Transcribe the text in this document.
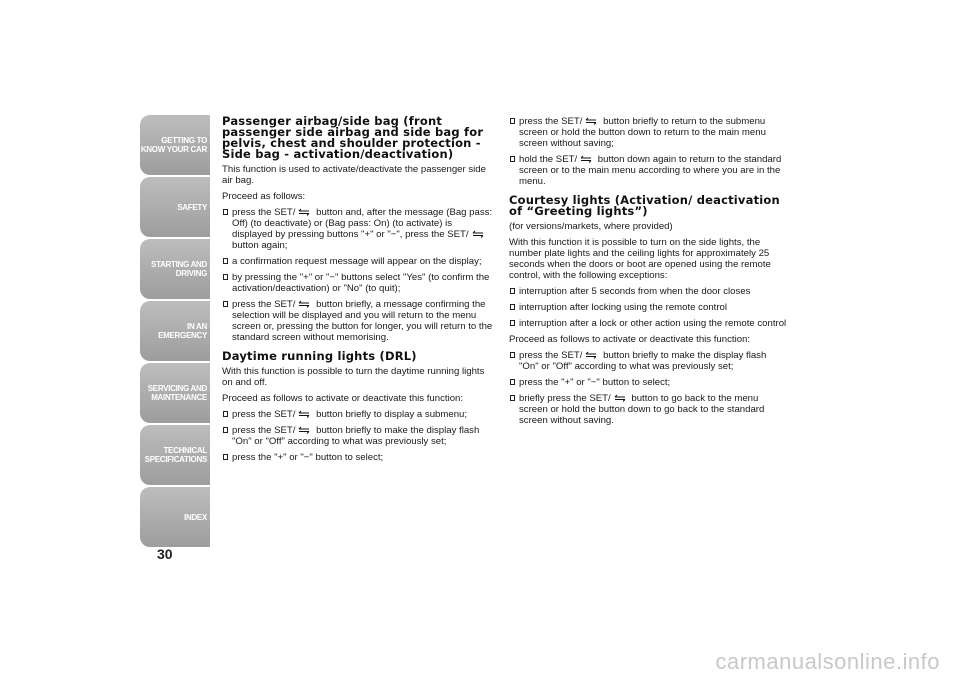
GETTING TO
KNOW YOUR CAR
SAFETY
STARTING AND
DRIVING
IN AN EMERGENCY
SERVICING AND
MAINTENANCE
TECHNICAL
SPECIFICATIONS
INDEX
30
Passenger airbag/side bag (front passenger side airbag and side bag for pelvis, chest and shoulder protection - Side bag - activation/deactivation)

This function is used to activate/deactivate the passenger side air bag.

Proceed as follows:

press the SET/ button and, after the message (Bag pass: Off) (to deactivate) or (Bag pass: On) (to activate) is displayed by pressing buttons "+" or "−", press the SET/ button again;
a confirmation request message will appear on the display;
by pressing the "+" or "−" buttons select "Yes" (to confirm the activation/deactivation) or "No" (to quit);
press the SET/ button briefly, a message confirming the selection will be displayed and you will return to the menu screen or, pressing the button for longer, you will return to the standard screen without memorising.
Daytime running lights (DRL)

With this function is possible to turn the daytime running lights on and off.

Proceed as follows to activate or deactivate this function:

press the SET/ button briefly to display a submenu;
press the SET/ button briefly to make the display flash "On" or "Off" according to what was previously set;
press the "+" or "−" button to select;
press the SET/ button briefly to return to the submenu screen or hold the button down to return to the main menu screen without saving;
hold the SET/ button down again to return to the standard screen or to the main menu according to where you are in the menu.
Courtesy lights (Activation/ deactivation of “Greeting lights”)

(for versions/markets, where provided)

With this function it is possible to turn on the side lights, the number plate lights and the ceiling lights for approximately 25 seconds when the doors or boot are opened using the remote control, with the following exceptions:

interruption after 5 seconds from when the door closes
interruption after locking using the remote control
interruption after a lock or other action using the remote control

Proceed as follows to activate or deactivate this function:

press the SET/ button briefly to make the display flash "On" or "Off" according to what was previously set;
press the "+" or "−" button to select;
briefly press the SET/ button to go back to the menu screen or hold the button down to go back to the standard screen without saving.
carmanualsonline.info
